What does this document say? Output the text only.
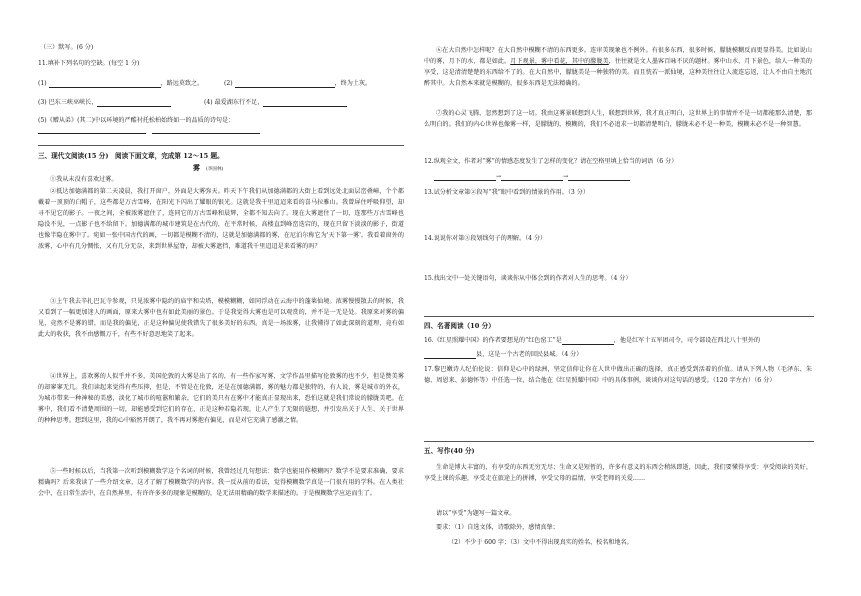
（三）默写。(6 分)
11.填补下列名句的空缺。(每空 1 分)
(1)	，路远莫致之。	(2)	，终为土灰。
(3) 巴东三峡巫峡长，	(4) 最爱湖东行不足，
(5)《赠从弟》(其二)中以环境的严酷衬托松柏始终如一的品质的诗句是：

三、现代文阅读(15 分)　阅读下面文章，完成第 12～15 题。
雾 (李国林)
①我从未没有喜欢过雾。
②抵达加德满都的第二天凌晨，我打开窗户，外面是大雾弥天。昨天下午我们从加德满都的大街上看到远处北面层峦叠嶂，个个都戴着一顶顶的白帽子，这些都是万古雪峰，在阳光下闪出了耀眼的银光。这就是我千里迢迢来看的喜马拉雅山。我曾屏住呼吸仰望，却寻不见它的影子。一夜之间，全被浓雾遮住了，连同它的万古雪峰和晨辉，全都不知去向了。现在大雾遮住了一切，连那些万古雪峰也隐没不见，一点影子也不给留下。加德满都的城市建筑是在古代的，在平常时候，高楼直到峰峦迭宕的，现在只留下淡淡的影子，街道也像半隐在雾中了。宛如一张中国古代的画，一切都是模糊不清的，这就是加德满都的雾，在尼泊尔称它为'天下第一雾'。我看着窗外的浓雾，心中有几分惆怅，又有几分无奈，来到世界屋脊，却被大雾遮挡，难道我千里迢迢是来看雾的吗？
③上午我去辛扎巴瓦寺参观，只见浓雾中隐约的庙宇和尖塔，模模糊糊，如同浮动在云海中的蓬莱仙境。浓雾慢慢散去的时候，我又看到了一幅更加迷人的画面，原来大雾中也有如此美丽的景色。于是我觉得大雾也是可以观赏的，并不是一无是处。我原来对雾的偏见，竟然不是雾的错，而是我的偏见，正是这种偏见使我错失了很多美好的东西。真是一场浓雾，让我懂得了如此深刻的道理，竟有如此大的收获，我不由感慨万千，有些不好意思地笑了起来。
④世界上，喜欢雾的人似乎并不多，美国伦敦的大雾是出了名的，有一些作家写雾，文学作品里描写伦敦雾的也不少，但是赞美雾的却寥寥无几。我们读起来觉得有些压抑，但是，不管是在伦敦，还是在加德满都，雾的魅力都是独特的，有人说，雾是城市的外衣，为城市带来一种神秘的美感，淡化了城市的喧嚣和繁杂，它们的美只有在雾中才能真正显现出来，恐怕这就是我们常说的朦胧美吧。在雾中，我们看不清楚周围的一切，却能感受到它们的存在，正是这种若隐若现，让人产生了无限的遐想，并引发出关于人生、关于世界的种种思考。想到这里，我的心中豁然开朗了，我不再对雾抱有偏见，而是对它充满了感激之情。
⑤一些时候以后，当我第一次听到模糊数学这个名词的时候，我曾经过几句想法：数学也能用作模糊吗？数学不是要求准确、要求精确吗？后来我读了一些介绍文章，这才了解了模糊数学的内容。我一反从前的看法，觉得模糊数学真是一门很有用的学科。在人类社会中，在日常生活中，在自然界里，有许许多多的现象是模糊的，是无法用精确的数学来描述的。于是模糊数学应运而生了。
⑥在大自然中怎样呢？在大自然中模糊不清的东西更多。连审美现象也不例外。有很多东西，很多时候，朦胧模糊反而更显得美。比如说山中的雾，月下的水，都是如此。月下观景，雾中看花，其中的朦胧美，往往就是文人墨客百咏不厌的题材。雾中山水，月下景色，给人一种美的享受，这是清清楚楚的东西给不了的。在大自然中，朦胧美是一种独特的美。而且恍若一派仙境，这种美往往让人流连忘返，让人不由自主地沉醉其中。大自然本来就是模糊的，很多东西是无法精确的。
⑦我的心灵飞腾，忽然想到了这一切。我由这雾景联想到人生，联想到世界，我才真正明白，这世界上的事情并不是一切都能那么清楚，那么明白的。我们的内心世界也像雾一样，是朦胧的，模糊的，我们不必追求一切都清楚明白，朦胧未必不是一种美，模糊未必不是一种智慧。
12.纵观全文，作者对“雾”的情感态度发生了怎样的变化？请在空格里填上恰当的词语（6 分）
→	→
13.试分析文章第②段写“我”眼中看到的情景的作用。（3 分）
14.说说你对第③段划线句子的理解。（4 分）
15.找出文中一处关键语句，谈谈你从中体会到的作者对人生的思考。（4 分）
四、名著阅读（10 分）
16.《红星照耀中国》的作者要想见的“红色窑工”是	，他是红军十五军团司令，司令部设在西北八十里外的
县，这是一个古老的回民县城。（4 分）
17.黎巴嫩诗人纪伯伦说：信仰是心中的绿洲，坚定信仰让你在人世中做出正确的选择，真正感受到活着的价值。请从下列人物（毛泽东、朱德、周恩来、彭德怀等）中任选一位，结合他在《红星照耀中国》中的具体事例，谈谈你对这句话的感受。（120 字左右）（6 分）
五、写作(40 分)
生命是博大丰富的，有享受的东西无穷无尽；生命又是短暂的，许多有意义的东西会稍纵即逝，因此，我们要懂得享受：享受阅读的美好，享受上课的乐趣，享受走在旅途上的拼搏，享受父母的温情，享受老师的关爱……
请以“享受”为题写一篇文章。
要求：（1）自选文体，诗歌除外，感情真挚；
（2）不少于 600 字；（3）文中不得出现真实的姓名、校名和地名。
